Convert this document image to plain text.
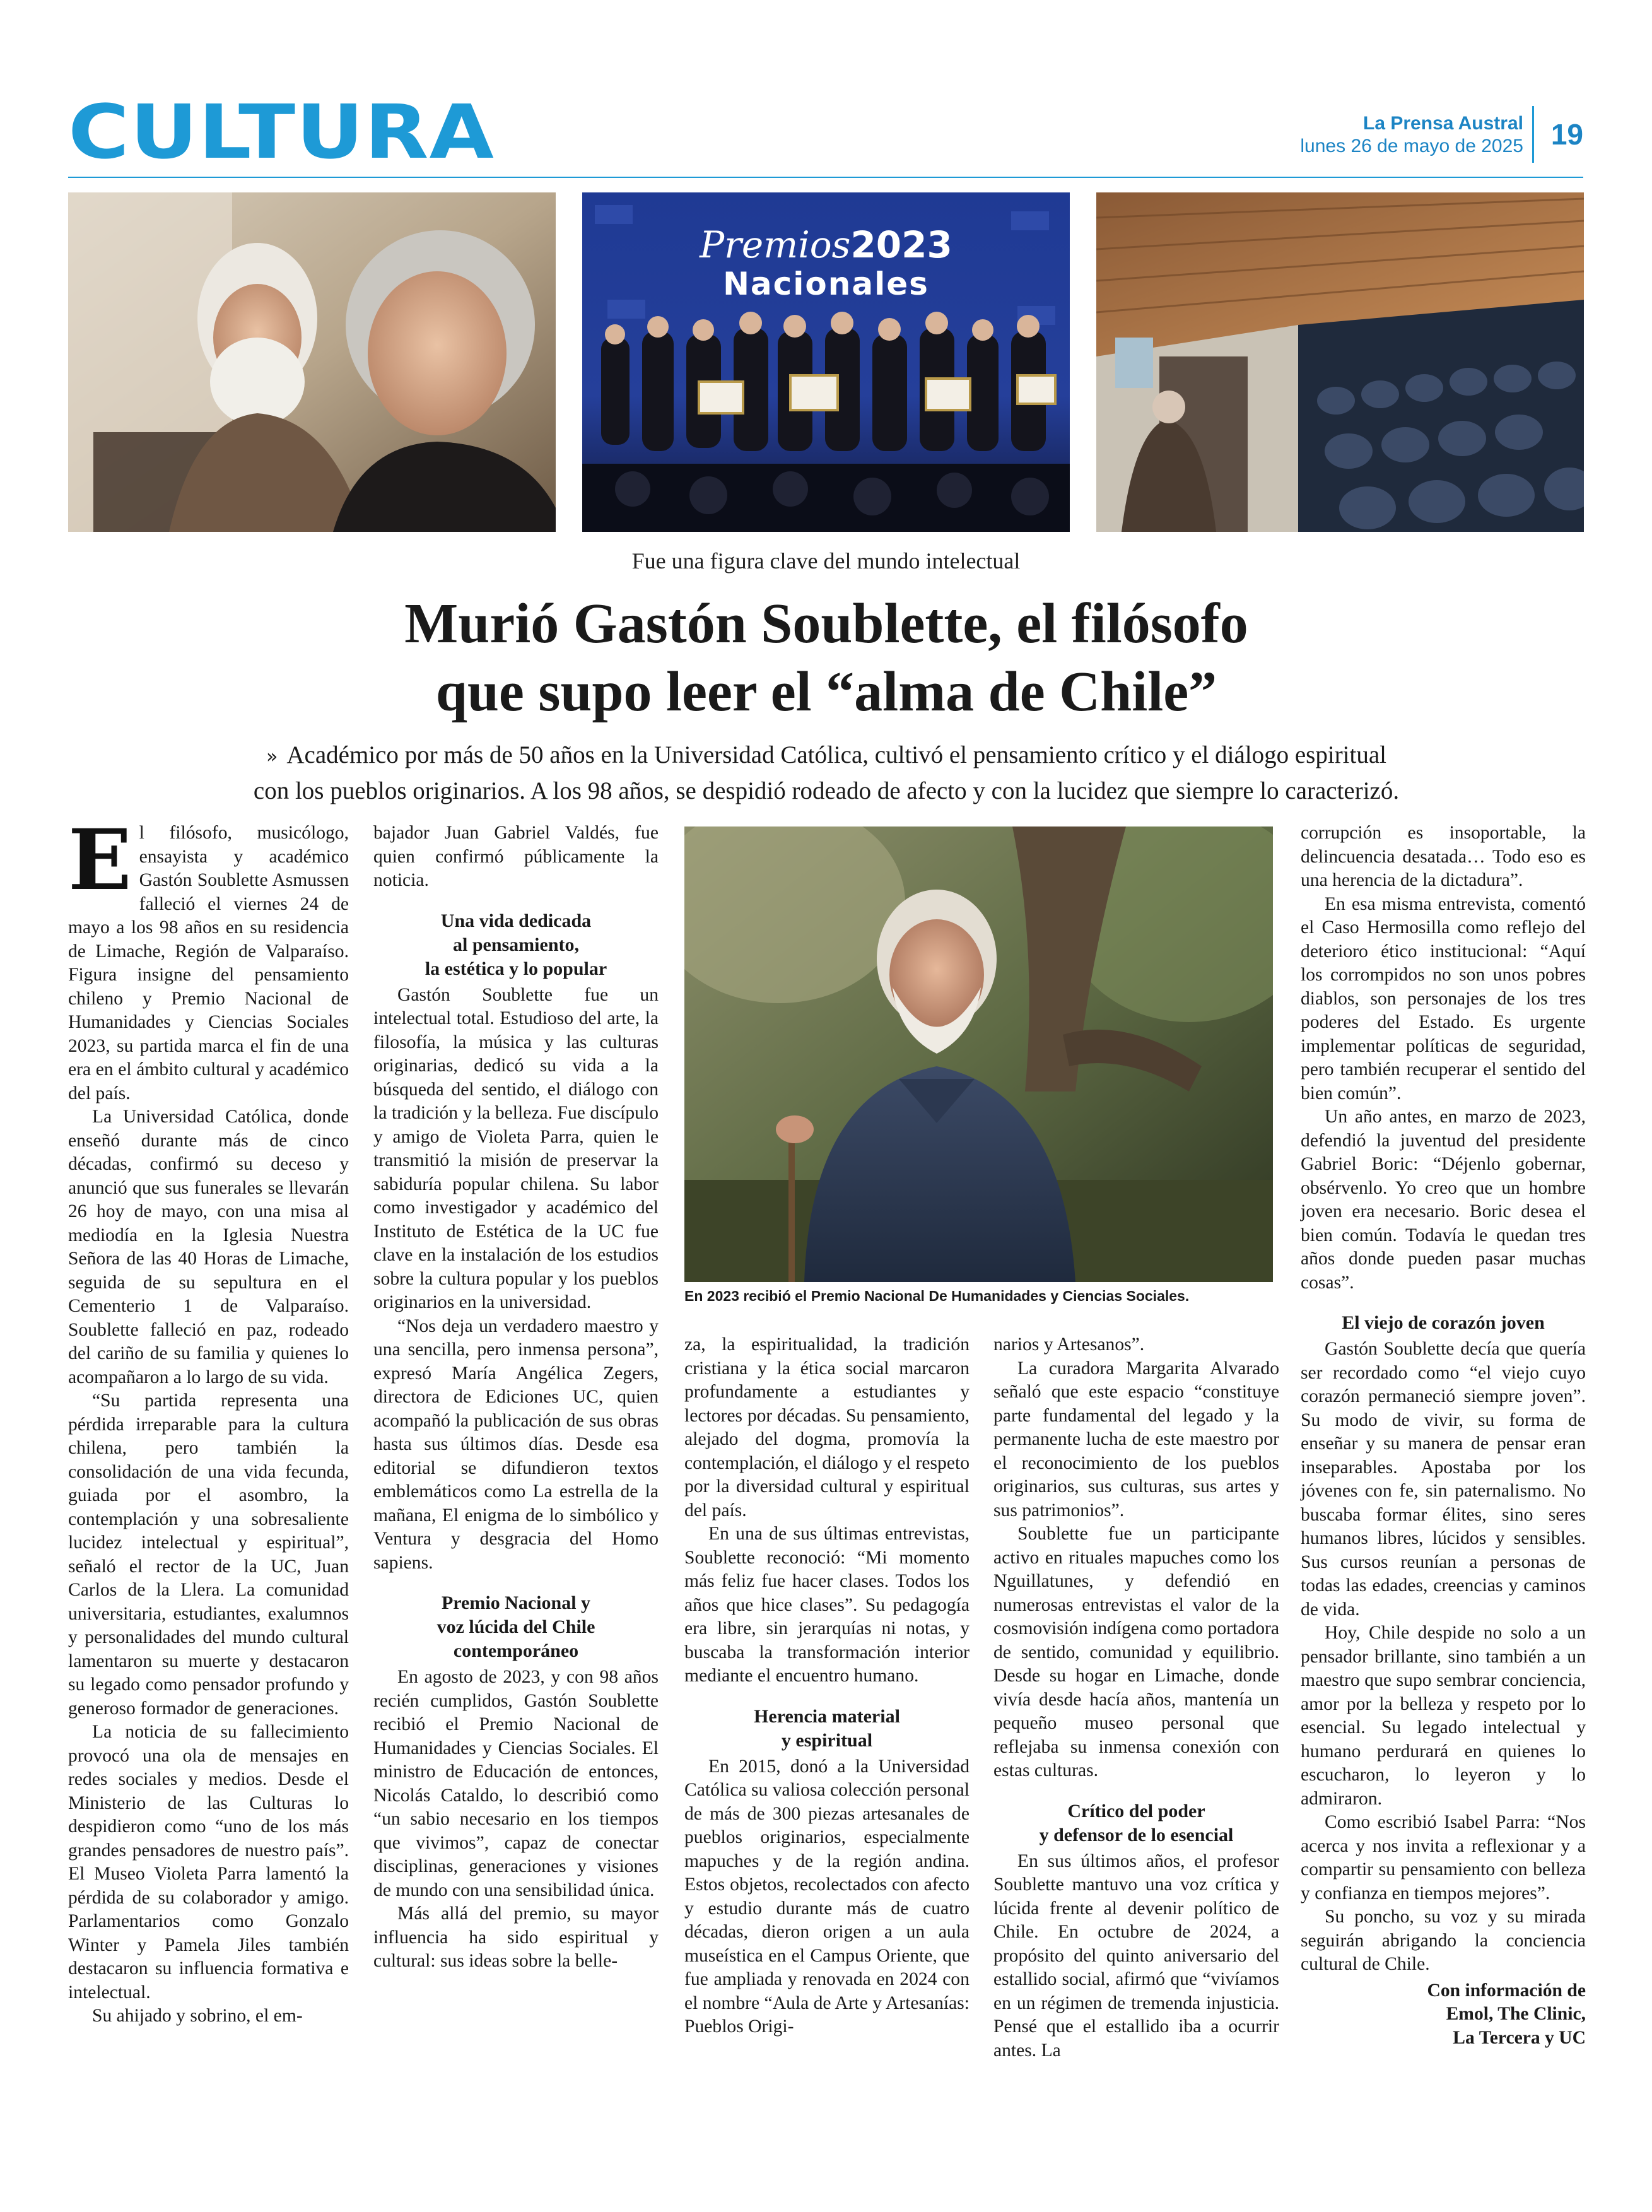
CULTURA	La Prensa Austral
lunes 26 de mayo de 2025 19
Premios2023
Nacionales
Fue una figura clave del mundo intelectual
Murió Gastón Soublette, el filósofo
que supo leer el “alma de Chile”
» Académico por más de 50 años en la Universidad Católica, cultivó el pensamiento crítico y el diálogo espiritual
con los pueblos originarios. A los 98 años, se despidió rodeado de afecto y con la lucidez que siempre lo caracterizó.

El filósofo, musicólogo, ensayista y académico Gastón Soublette Asmussen falleció el viernes 24 de mayo a los 98 años en su residencia de Limache, Región de Valparaíso. Figura insigne del pensamiento chileno y Premio Nacional de Humanidades y Ciencias Sociales 2023, su partida marca el fin de una era en el ámbito cultural y académico del país.

La Universidad Católica, donde enseñó durante más de cinco décadas, confirmó su deceso y anunció que sus funerales se llevarán 26 hoy de mayo, con una misa al mediodía en la Iglesia Nuestra Señora de las 40 Horas de Limache, seguida de su sepultura en el Cementerio 1 de Valparaíso. Soublette falleció en paz, rodeado del cariño de su familia y quienes lo acompañaron a lo largo de su vida.

“Su partida representa una pérdida irreparable para la cultura chilena, pero también la consolidación de una vida fecunda, guiada por el asombro, la contemplación y una sobresaliente lucidez intelectual y espiritual”, señaló el rector de la UC, Juan Carlos de la Llera. La comunidad universitaria, estudiantes, exalumnos y personalidades del mundo cultural lamentaron su muerte y destacaron su legado como pensador profundo y generoso formador de generaciones.

La noticia de su fallecimiento provocó una ola de mensajes en redes sociales y medios. Desde el Ministerio de las Culturas lo despidieron como “uno de los más grandes pensadores de nuestro país”. El Museo Violeta Parra lamentó la pérdida de su colaborador y amigo. Parlamentarios como Gonzalo Winter y Pamela Jiles también destacaron su influencia formativa e intelectual.

Su ahijado y sobrino, el em-

bajador Juan Gabriel Valdés, fue quien confirmó públicamente la noticia.

Una vida dedicada
al pensamiento,
la estética y lo popular

Gastón Soublette fue un intelectual total. Estudioso del arte, la filosofía, la música y las culturas originarias, dedicó su vida a la búsqueda del sentido, el diálogo con la tradición y la belleza. Fue discípulo y amigo de Violeta Parra, quien le transmitió la misión de preservar la sabiduría popular chilena. Su labor como investigador y académico del Instituto de Estética de la UC fue clave en la instalación de los estudios sobre la cultura popular y los pueblos originarios en la universidad.

“Nos deja un verdadero maestro y una sencilla, pero inmensa persona”, expresó María Angélica Zegers, directora de Ediciones UC, quien acompañó la publicación de sus obras hasta sus últimos días. Desde esa editorial se difundieron textos emblemáticos como La estrella de la mañana, El enigma de lo simbólico y Ventura y desgracia del Homo sapiens.

Premio Nacional y
voz lúcida del Chile
contemporáneo

En agosto de 2023, y con 98 años recién cumplidos, Gastón Soublette recibió el Premio Nacional de Humanidades y Ciencias Sociales. El ministro de Educación de entonces, Nicolás Cataldo, lo describió como “un sabio necesario en los tiempos que vivimos”, capaz de conectar disciplinas, generaciones y visiones de mundo con una sensibilidad única.

Más allá del premio, su mayor influencia ha sido espiritual y cultural: sus ideas sobre la belle-

En 2023 recibió el Premio Nacional De Humanidades y Ciencias Sociales.

za, la espiritualidad, la tradición cristiana y la ética social marcaron profundamente a estudiantes y lectores por décadas. Su pensamiento, alejado del dogma, promovía la contemplación, el diálogo y el respeto por la diversidad cultural y espiritual del país.

En una de sus últimas entrevistas, Soublette reconoció: “Mi momento más feliz fue hacer clases. Todos los años que hice clases”. Su pedagogía era libre, sin jerarquías ni notas, y buscaba la transformación interior mediante el encuentro humano.

Herencia material
y espiritual

En 2015, donó a la Universidad Católica su valiosa colección personal de más de 300 piezas artesanales de pueblos originarios, especialmente mapuches y de la región andina. Estos objetos, recolectados con afecto y estudio durante más de cuatro décadas, dieron origen a un aula museística en el Campus Oriente, que fue ampliada y renovada en 2024 con el nombre “Aula de Arte y Artesanías: Pueblos Origi-

narios y Artesanos”.

La curadora Margarita Alvarado señaló que este espacio “constituye parte fundamental del legado y la permanente lucha de este maestro por el reconocimiento de los pueblos originarios, sus culturas, sus artes y sus patrimonios”.

Soublette fue un participante activo en rituales mapuches como los Nguillatunes, y defendió en numerosas entrevistas el valor de la cosmovisión indígena como portadora de sentido, comunidad y equilibrio. Desde su hogar en Limache, donde vivía desde hacía años, mantenía un pequeño museo personal que reflejaba su inmensa conexión con estas culturas.

Crítico del poder
y defensor de lo esencial

En sus últimos años, el profesor Soublette mantuvo una voz crítica y lúcida frente al devenir político de Chile. En octubre de 2024, a propósito del quinto aniversario del estallido social, afirmó que “vivíamos en un régimen de tremenda injusticia. Pensé que el estallido iba a ocurrir antes. La

corrupción es insoportable, la delincuencia desatada… Todo eso es una herencia de la dictadura”.

En esa misma entrevista, comentó el Caso Hermosilla como reflejo del deterioro ético institucional: “Aquí los corrompidos no son unos pobres diablos, son personajes de los tres poderes del Estado. Es urgente implementar políticas de seguridad, pero también recuperar el sentido del bien común”.

Un año antes, en marzo de 2023, defendió la juventud del presidente Gabriel Boric: “Déjenlo gobernar, obsérvenlo. Yo creo que un hombre joven era necesario. Boric desea el bien común. Todavía le quedan tres años donde pueden pasar muchas cosas”.

El viejo de corazón joven

Gastón Soublette decía que quería ser recordado como “el viejo cuyo corazón permaneció siempre joven”. Su modo de vivir, su forma de enseñar y su manera de pensar eran inseparables. Apostaba por los jóvenes con fe, sin paternalismo. No buscaba formar élites, sino seres humanos libres, lúcidos y sensibles. Sus cursos reunían a personas de todas las edades, creencias y caminos de vida.

Hoy, Chile despide no solo a un pensador brillante, sino también a un maestro que supo sembrar conciencia, amor por la belleza y respeto por lo esencial. Su legado intelectual y humano perdurará en quienes lo escucharon, lo leyeron y lo admiraron.

Como escribió Isabel Parra: “Nos acerca y nos invita a reflexionar y a compartir su pensamiento con belleza y confianza en tiempos mejores”.

Su poncho, su voz y su mirada seguirán abrigando la conciencia cultural de Chile.

Con información de
Emol, The Clinic,
La Tercera y UC
